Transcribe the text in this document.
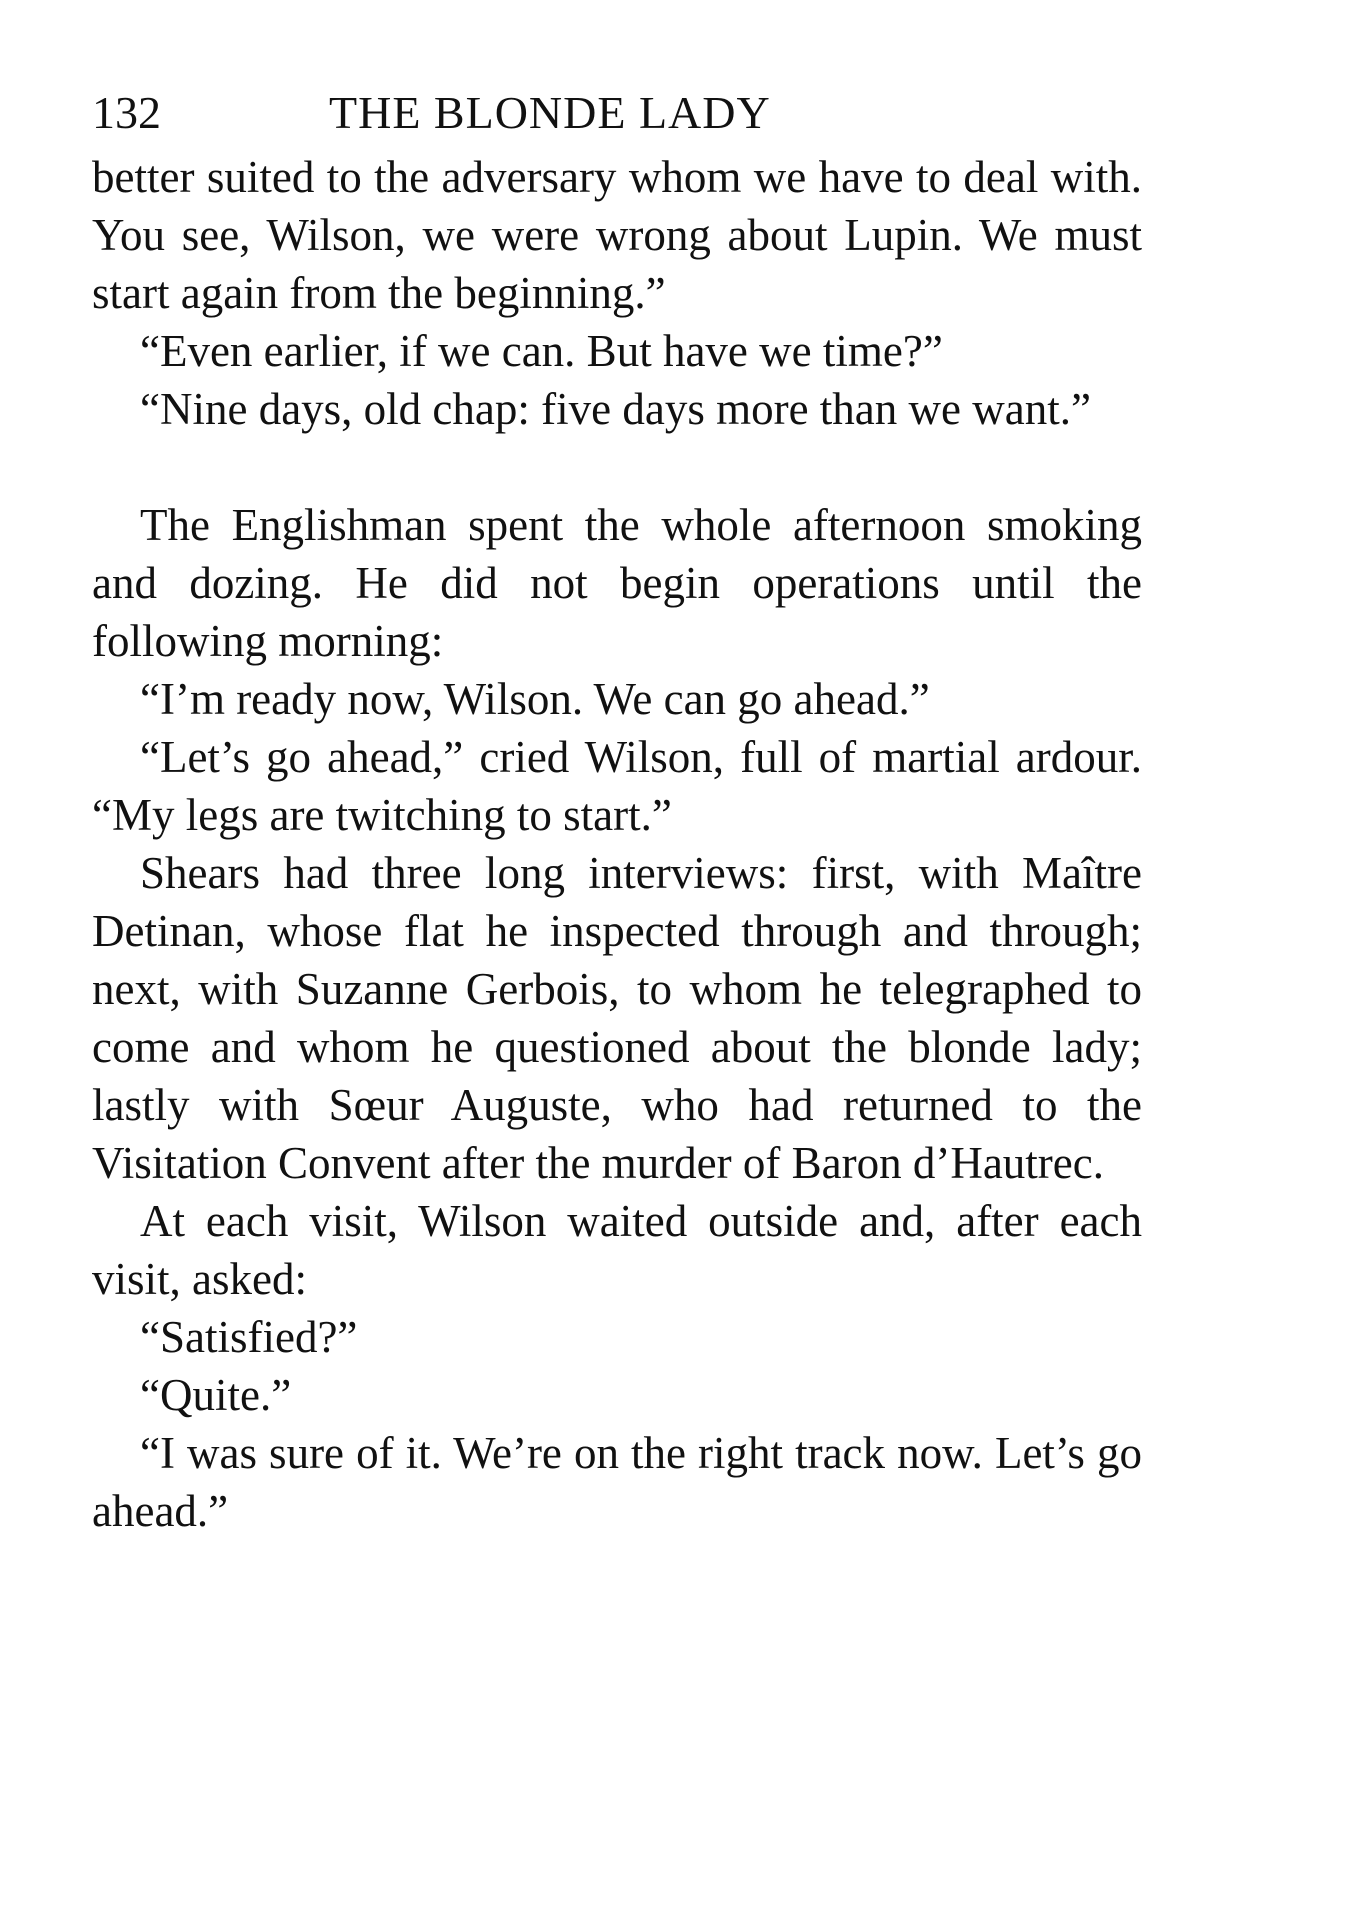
132	THE BLONDE LADY

better suited to the adversary whom we have to deal with. You see, Wilson, we were wrong about Lupin. We must start again from the beginning.”

“Even earlier, if we can. But have we time?”

“Nine days, old chap: five days more than we want.”

The Englishman spent the whole afternoon smoking and dozing. He did not begin operations until the following morning:

“I’m ready now, Wilson. We can go ahead.”

“Let’s go ahead,” cried Wilson, full of martial ardour. “My legs are twitching to start.”

Shears had three long interviews: first, with Maître Detinan, whose flat he inspected through and through; next, with Suzanne Gerbois, to whom he telegraphed to come and whom he questioned about the blonde lady; lastly with Sœur Auguste, who had returned to the Visitation Convent after the murder of Baron d’Hautrec.

At each visit, Wilson waited outside and, after each visit, asked:

“Satisfied?”

“Quite.”

“I was sure of it. We’re on the right track now. Let’s go ahead.”
